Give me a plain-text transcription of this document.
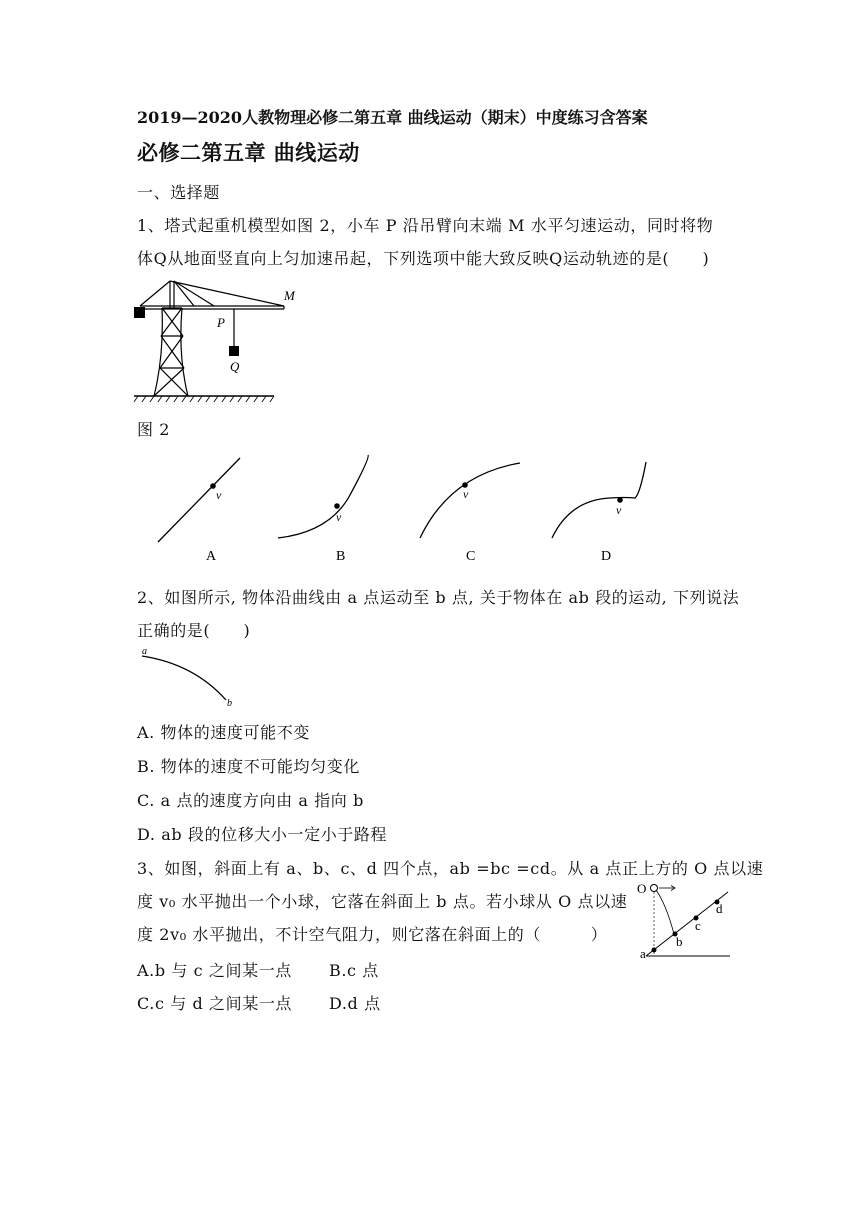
2019—2020人教物理必修二第五章 曲线运动（期末）中度练习含答案
必修二第五章 曲线运动
一、选择题
1、塔式起重机模型如图 2，小车 P 沿吊臂向末端 M 水平匀速运动，同时将物
体Q从地面竖直向上匀加速吊起，下列选项中能大致反映Q运动轨迹的是(　　)
M
P
Q
图 2
v
A
v
B
v
C
v
D
2、如图所示, 物体沿曲线由 a 点运动至 b 点, 关于物体在 ab 段的运动, 下列说法
正确的是(　　)
a
b
A. 物体的速度可能不变
B. 物体的速度不可能均匀变化
C. a 点的速度方向由 a 指向 b
D. ab 段的位移大小一定小于路程
3、如图，斜面上有 a、b、c、d 四个点，ab =bc =cd。从 a 点正上方的 O 点以速
度 v₀ 水平抛出一个小球，它落在斜面上 b 点。若小球从 O 点以速
度 2v₀ 水平抛出，不计空气阻力，则它落在斜面上的（　　　）
O
a
b
c
d
A.b 与 c 之间某一点 B.c 点
C.c 与 d 之间某一点 D.d 点
